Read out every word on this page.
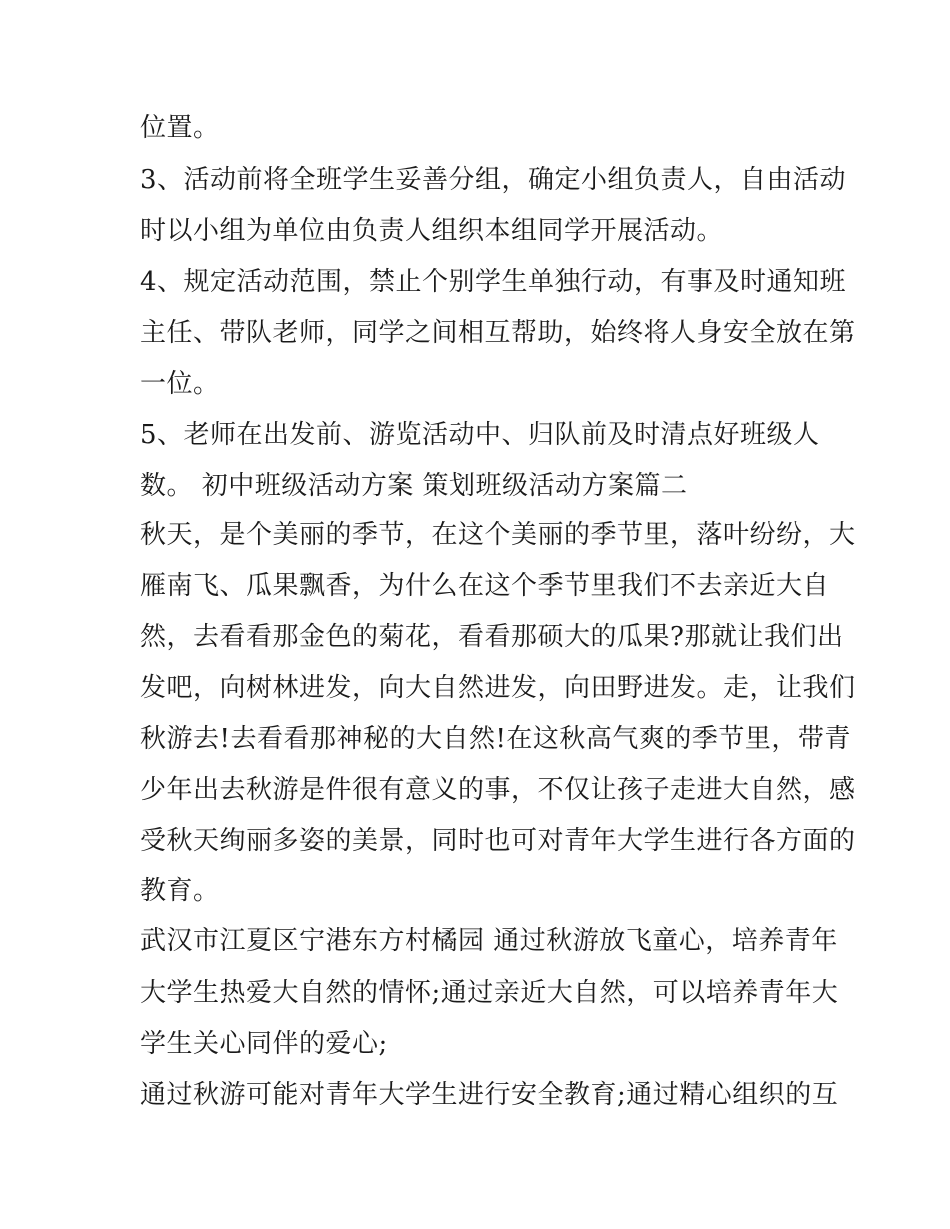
位置。
3、活动前将全班学生妥善分组，确定小组负责人，自由活动
时以小组为单位由负责人组织本组同学开展活动。
4、规定活动范围，禁止个别学生单独行动，有事及时通知班
主任、带队老师，同学之间相互帮助，始终将人身安全放在第
一位。
5、老师在出发前、游览活动中、归队前及时清点好班级人
数。 初中班级活动方案 策划班级活动方案篇二
秋天，是个美丽的季节，在这个美丽的季节里，落叶纷纷，大
雁南飞、瓜果飘香，为什么在这个季节里我们不去亲近大自
然，去看看那金色的菊花，看看那硕大的瓜果?那就让我们出
发吧，向树林进发，向大自然进发，向田野进发。走，让我们
秋游去!去看看那神秘的大自然!在这秋高气爽的季节里，带青
少年出去秋游是件很有意义的事，不仅让孩子走进大自然，感
受秋天绚丽多姿的美景，同时也可对青年大学生进行各方面的
教育。
武汉市江夏区宁港东方村橘园 通过秋游放飞童心，培养青年
大学生热爱大自然的情怀;通过亲近大自然，可以培养青年大
学生关心同伴的爱心;
通过秋游可能对青年大学生进行安全教育;通过精心组织的互
